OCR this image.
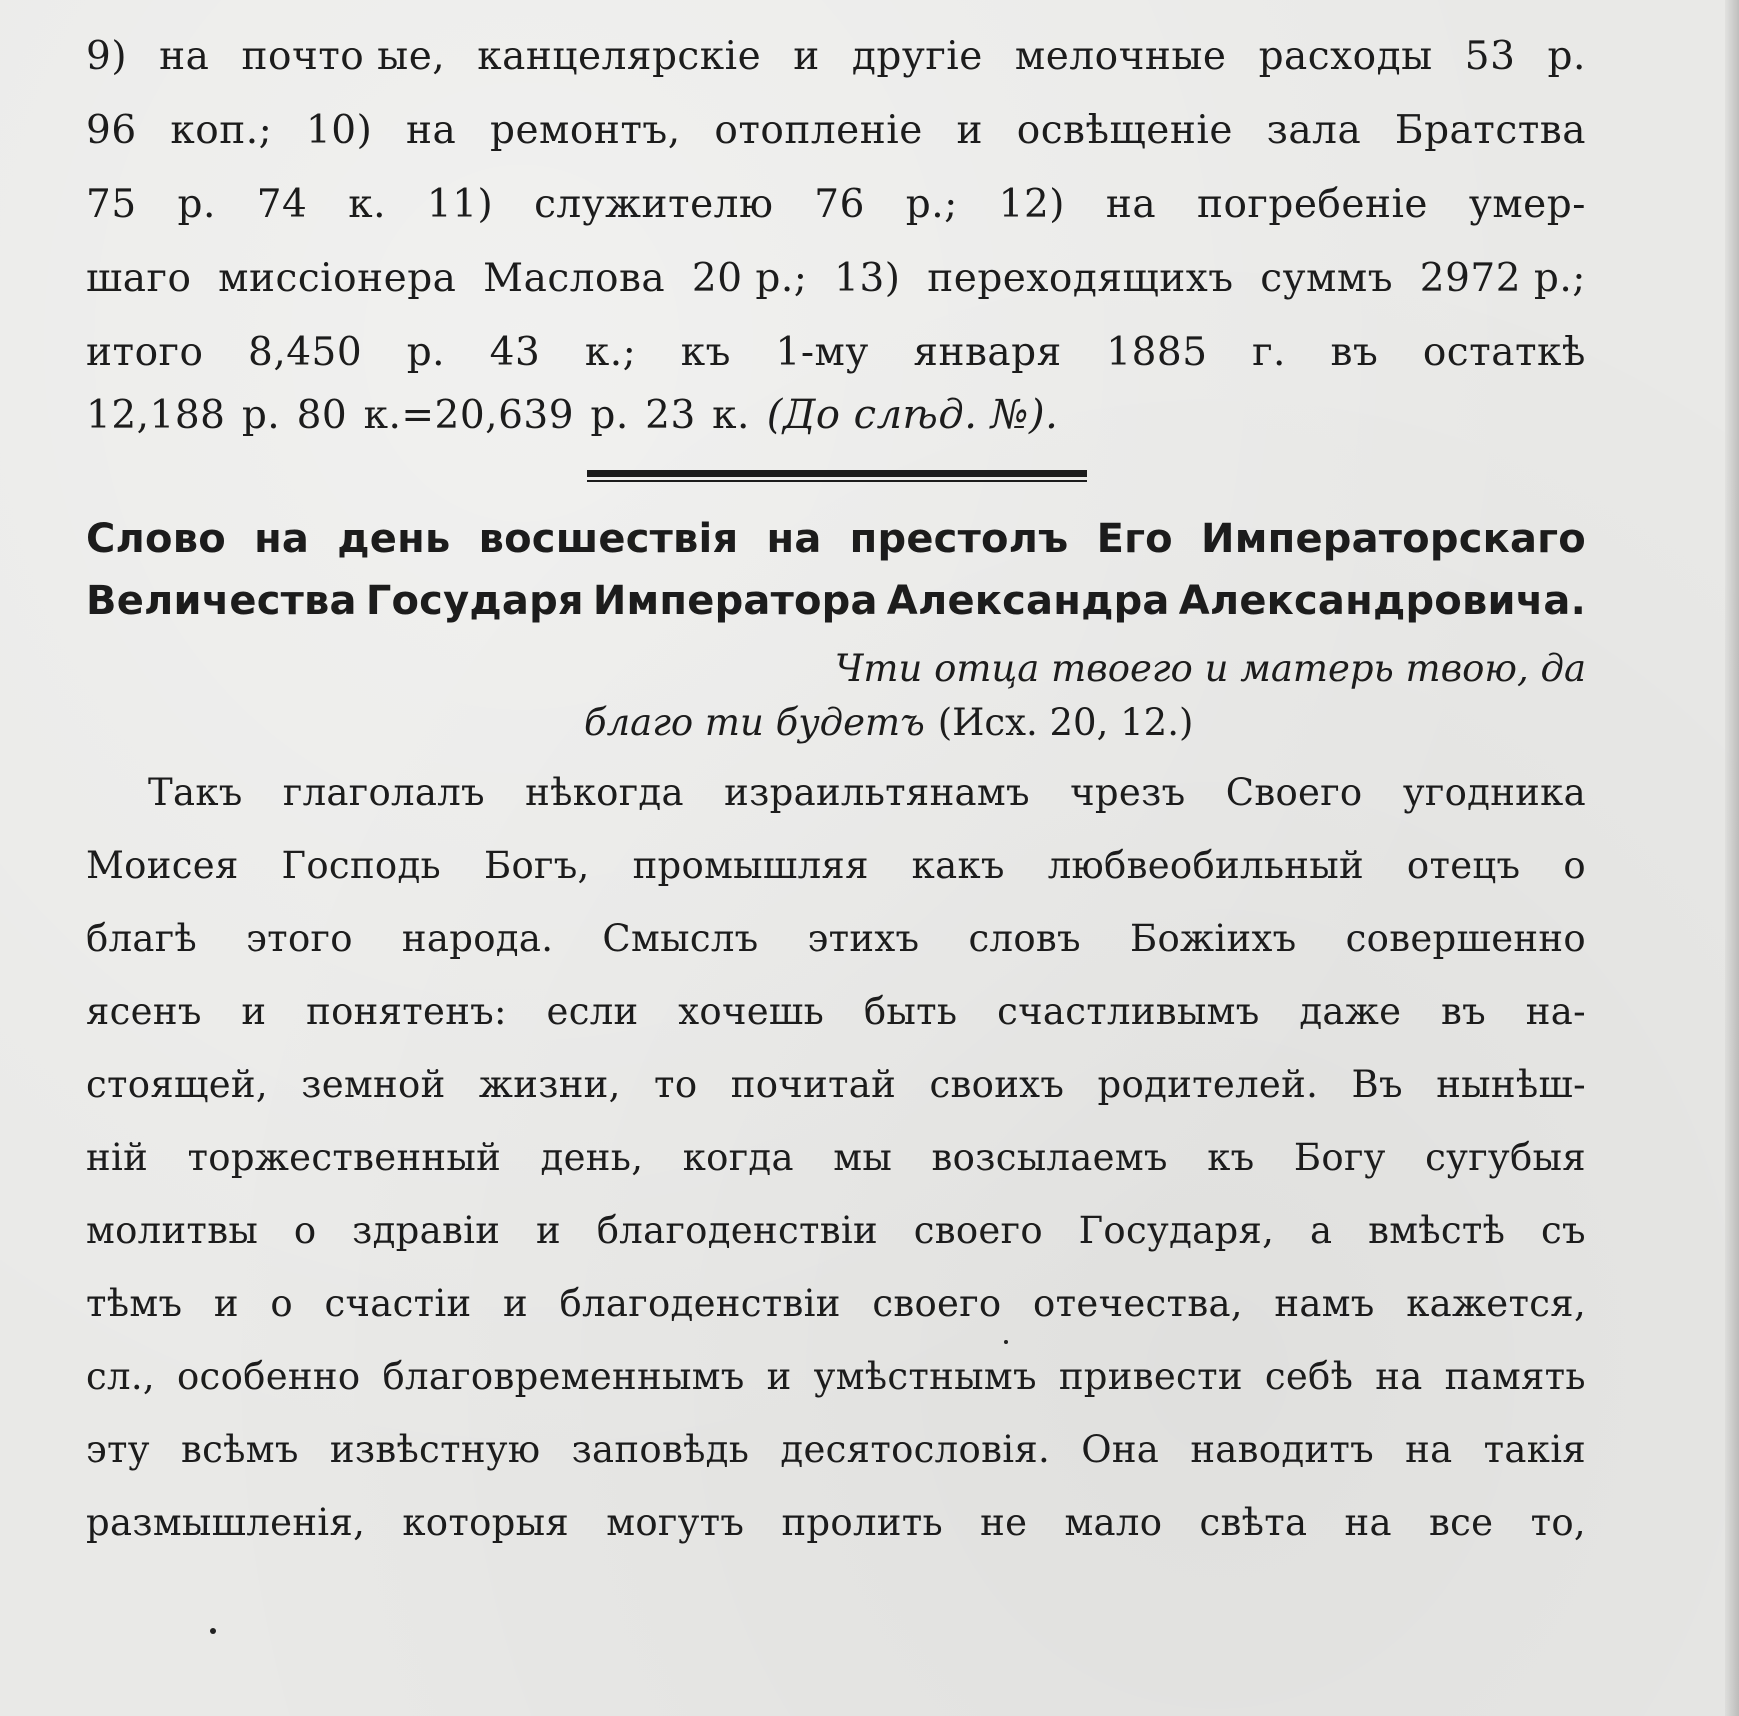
9) на почто ые, канцелярскіе и другіе мелочные расходы 53 р.
96 коп.; 10) на ремонтъ, отопленіе и освѣщеніе зала Братства
75 р. 74 к. 11) служителю 76 р.; 12) на погребеніе умер-
шаго миссіонера Маслова 20 р.; 13) переходящихъ суммъ 2972 р.;
итого 8,450 р. 43 к.; къ 1-му января 1885 г. въ остаткѣ
12,188 р. 80 к.=20,639 р. 23 к. (До слѣд. №).
Слово на день восшествія на престолъ Его Императорскаго
Величества Государя Императора Александра Александровича.
Чти отца твоего и матерь твою, да
благо ти будетъ (Исх. 20, 12.)
Такъ глаголалъ нѣкогда израильтянамъ чрезъ Своего угодника
Моисея Господь Богъ, промышляя какъ любвеобильный отецъ о
благѣ этого народа. Смыслъ этихъ словъ Божіихъ совершенно
ясенъ и понятенъ: если хочешь быть счастливымъ даже въ на-
стоящей, земной жизни, то почитай своихъ родителей. Въ нынѣш-
ній торжественный день, когда мы возсылаемъ къ Богу сугубыя
молитвы о здравіи и благоденствіи своего Государя, а вмѣстѣ съ
тѣмъ и о счастіи и благоденствіи своего отечества, намъ кажется,
сл., особенно благовременнымъ и умѣстнымъ привести себѣ на память
эту всѣмъ извѣстную заповѣдь десятословія. Она наводитъ на такія
размышленія, которыя могутъ пролить не мало свѣта на все то,
